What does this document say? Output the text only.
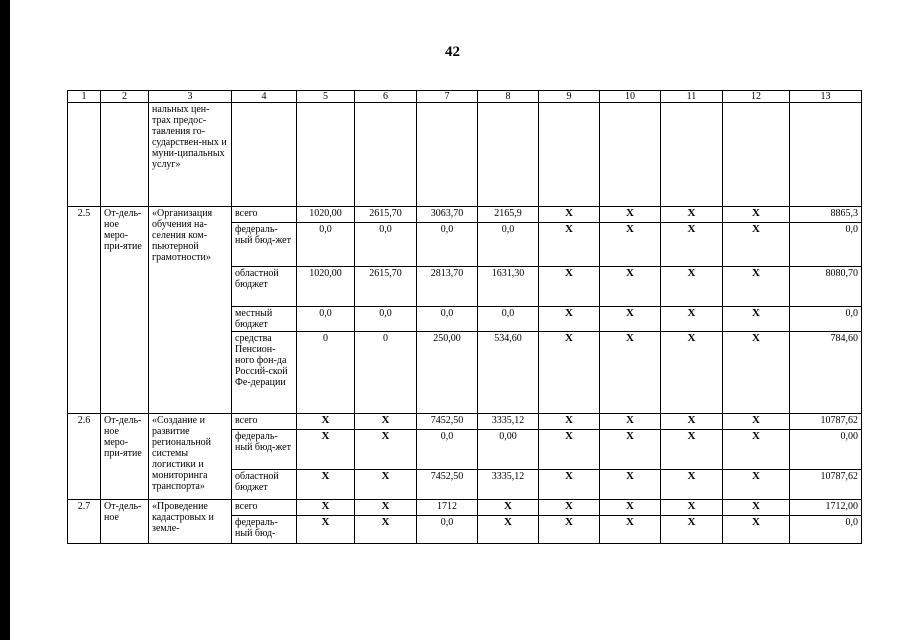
42
1	2	3	4	5	6	7	8	9	10	11	12	13
		нальных цен-трах предос-тавления го-сударствен-ных и муни-ципальных услуг»										
2.5	От-дель-ное меро-при-ятие	«Организация обучения на-селения ком-пьютерной грамотности»	всего	1020,00	2615,70	3063,70	2165,9	X	X	X	X	8865,3
			федераль-ный бюд-жет	0,0	0,0	0,0	0,0	X	X	X	X	0,0
			областной бюджет	1020,00	2615,70	2813,70	1631,30	X	X	X	X	8080,70
			местный бюджет	0,0	0,0	0,0	0,0	X	X	X	X	0,0
			средства Пенсион-ного фон-да Россий-ской Фе-дерации	0	0	250,00	534,60	X	X	X	X	784,60
2.6	От-дель-ное меро-при-ятие	«Создание и развитие региональной системы логистики и мониторинга транспорта»	всего	X	X	7452,50	3335,12	X	X	X	X	10787,62
			федераль-ный бюд-жет	X	X	0,0	0,00	X	X	X	X	0,00
			областной бюджет	X	X	7452,50	3335,12	X	X	X	X	10787,62
2.7	От-дель-ное	«Проведение кадастровых и земле-	всего	X	X	1712	X	X	X	X	X	1712,00
			федераль-ный бюд-	X	X	0,0	X	X	X	X	X	0,0
